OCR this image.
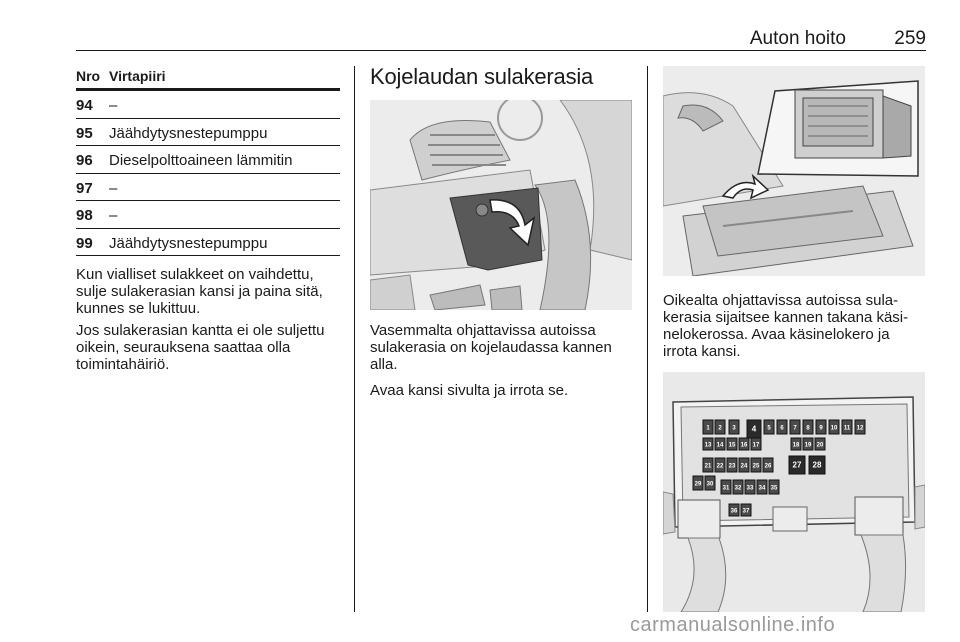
Auton hoito	259
Nro Virtapiiri
94 –
95 Jäähdytysnestepumppu
96 Dieselpolttoaineen lämmitin
97 –
98 –
99 Jäähdytysnestepumppu

Kun vialliset sulakkeet on vaihdettu, sulje sulakerasian kansi ja paina sitä, kunnes se lukittuu.

Jos sulakerasian kantta ei ole suljettu oikein, seurauksena saattaa olla toimintahäiriö.

Kojelaudan sulakerasia

Vasemmalta ohjattavissa autoissa sulakerasia on kojelaudassa kannen alla.

Avaa kansi sivulta ja irrota se.

Oikealta ohjattavissa autoissa sula-kerasia sijaitsee kannen takana käsi-nelokerossa. Avaa käsinelokero ja irrota kansi.

1 2 3 4 5 6 7 8 9 10 11 12
13 14 15 16 17	18 19 20
21 22 23 24 25 26	27 28
29 30
31 32 33 34 35
36 37
carmanualsonline.info
